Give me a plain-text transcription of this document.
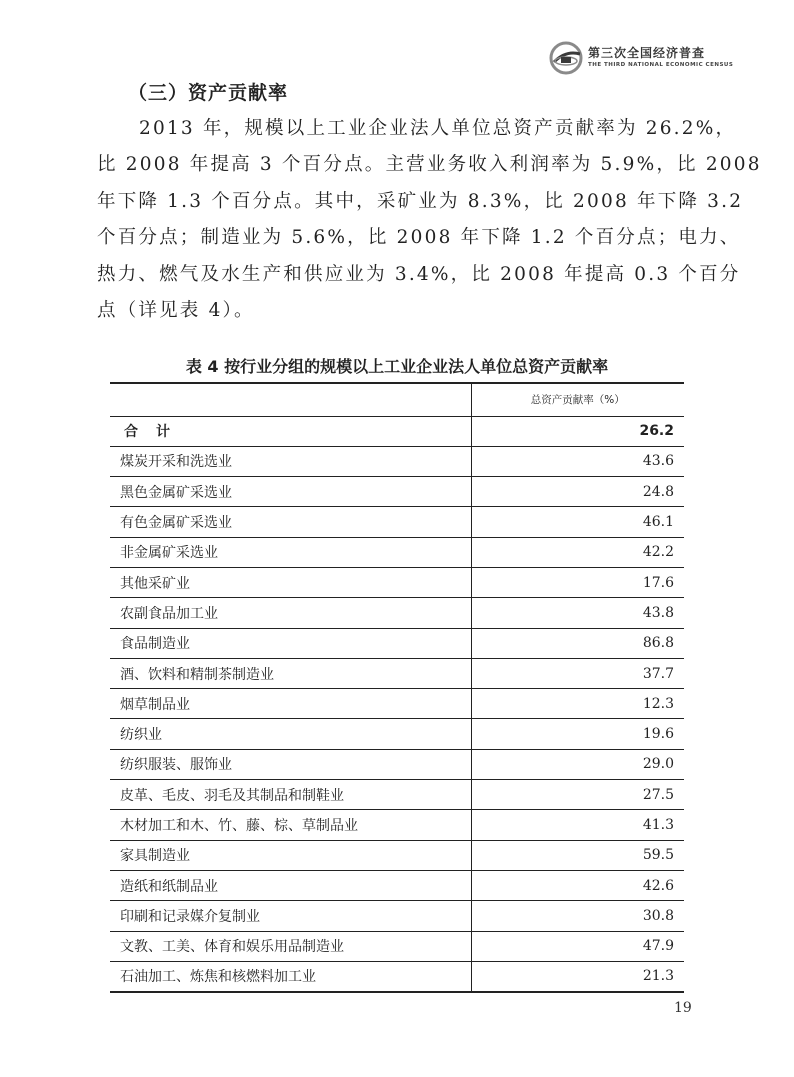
第三次全国经济普查
THE THIRD NATIONAL ECONOMIC CENSUS
（三）资产贡献率
2013 年，规模以上工业企业法人单位总资产贡献率为 26.2%，
比 2008 年提高 3 个百分点。主营业务收入利润率为 5.9%，比 2008
年下降 1.3 个百分点。其中，采矿业为 8.3%，比 2008 年下降 3.2
个百分点；制造业为 5.6%，比 2008 年下降 1.2 个百分点；电力、
热力、燃气及水生产和供应业为 3.4%，比 2008 年提高 0.3 个百分
点（详见表 4）。
表 4 按行业分组的规模以上工业企业法人单位总资产贡献率
	总资产贡献率（%）
合计	26.2
煤炭开采和洗选业	43.6
黑色金属矿采选业	24.8
有色金属矿采选业	46.1
非金属矿采选业	42.2
其他采矿业	17.6
农副食品加工业	43.8
食品制造业	86.8
酒、饮料和精制茶制造业	37.7
烟草制品业	12.3
纺织业	19.6
纺织服装、服饰业	29.0
皮革、毛皮、羽毛及其制品和制鞋业	27.5
木材加工和木、竹、藤、棕、草制品业	41.3
家具制造业	59.5
造纸和纸制品业	42.6
印刷和记录媒介复制业	30.8
文教、工美、体育和娱乐用品制造业	47.9
石油加工、炼焦和核燃料加工业	21.3
19
